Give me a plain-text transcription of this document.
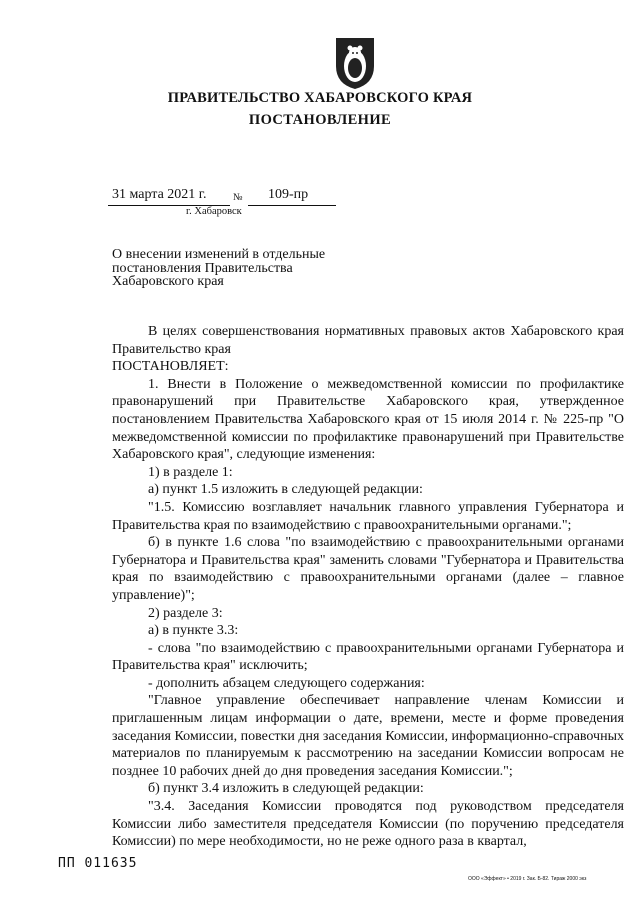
ПРАВИТЕЛЬСТВО ХАБАРОВСКОГО КРАЯ
ПОСТАНОВЛЕНИЕ
31 марта 2021 г.	№ 109-пр
г. Хабаровск
О внесении изменений в отдельные постановления Правительства Хабаровского края

В целях совершенствования нормативных правовых актов Хабаровского края Правительство края

ПОСТАНОВЛЯЕТ:

1. Внести в Положение о межведомственной комиссии по профилактике правонарушений при Правительстве Хабаровского края, утвержденное постановлением Правительства Хабаровского края от 15 июля 2014 г. № 225-пр "О межведомственной комиссии по профилактике правонарушений при Правительстве Хабаровского края", следующие изменения:

1) в разделе 1:

а) пункт 1.5 изложить в следующей редакции:

"1.5. Комиссию возглавляет начальник главного управления Губернатора и Правительства края по взаимодействию с правоохранительными органами.";

б) в пункте 1.6 слова "по взаимодействию с правоохранительными органами Губернатора и Правительства края" заменить словами "Губернатора и Правительства края по взаимодействию с правоохранительными органами (далее – главное управление)";

2) разделе 3:

а) в пункте 3.3:

- слова "по взаимодействию с правоохранительными органами Губернатора и Правительства края" исключить;

- дополнить абзацем следующего содержания:

"Главное управление обеспечивает направление членам Комиссии и приглашенным лицам информации о дате, времени, месте и форме проведения заседания Комиссии, повестки дня заседания Комиссии, информационно-справочных материалов по планируемым к рассмотрению на заседании Комиссии вопросам не позднее 10 рабочих дней до дня проведения заседания Комиссии.";

б) пункт 3.4 изложить в следующей редакции:

"3.4. Заседания Комиссии проводятся под руководством председателя Комиссии либо заместителя председателя Комиссии (по поручению председателя Комиссии) по мере необходимости, но не реже одного раза в квартал,

ПП 011635
ООО «Эффект» • 2019 г. Зак. Б-82. Тираж 2000 экз
